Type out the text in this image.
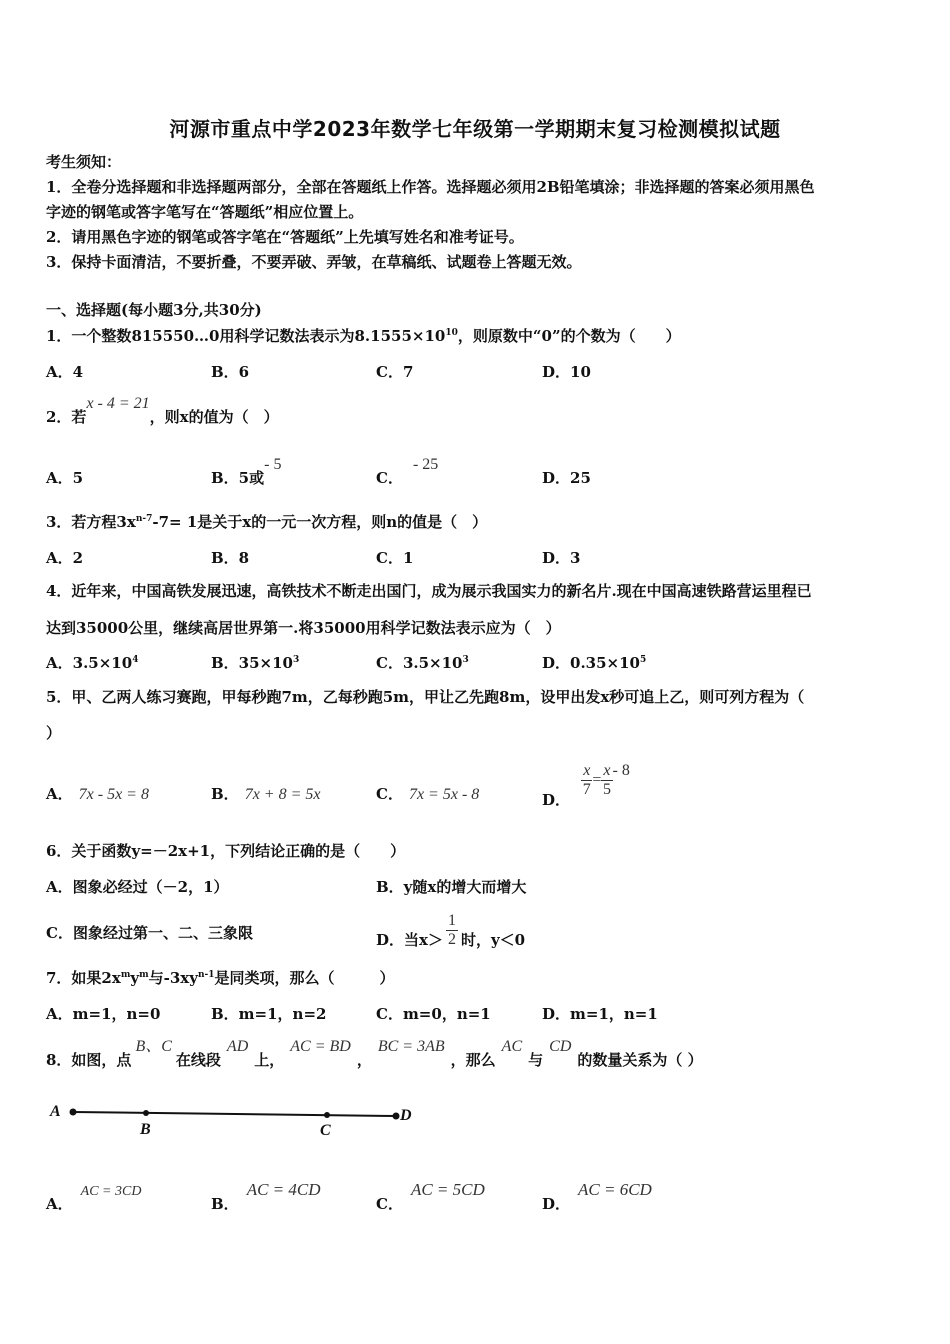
河源市重点中学2023年数学七年级第一学期期末复习检测模拟试题
考生须知：
1．全卷分选择题和非选择题两部分，全部在答题纸上作答。选择题必须用2B铅笔填涂；非选择题的答案必须用黑色
字迹的钢笔或答字笔写在“答题纸”相应位置上。
2．请用黑色字迹的钢笔或答字笔在“答题纸”上先填写姓名和准考证号。
3．保持卡面清洁，不要折叠，不要弄破、弄皱，在草稿纸、试题卷上答题无效。
一、选择题(每小题3分,共30分)
1．一个整数815550…0用科学记数法表示为$8.1555\times 10^{10}$，则原数中“0”的个数为（　　）
A．4	B．6	C．7	D．10
2．若x - 4 = 21，则x的值为（　）
A．5	B．5或- 5
C．- 25
D．25
3．若方程$3x^{n-7}-7= 1$是关于x的一元一次方程，则n的值是（　）
A．2	B．8	C．1	D．3
4．近年来，中国高铁发展迅速，高铁技术不断走出国门，成为展示我国实力的新名片.现在中国高速铁路营运里程已
达到35000公里，继续高居世界第一.将35000用科学记数法表示应为（　）
A．$3.5\times 10^4$	B．$35\times 10^3$	C．$3.5\times 10^3$	D．$0.35\times 10^5$
5．甲、乙两人练习赛跑，甲每秒跑7m，乙每秒跑5m，甲让乙先跑8m，设甲出发x秒可追上乙，则可列方程为（
）
A． 7x - 5x = 8	B． 7x + 8 = 5x	C． 7x = 5x - 8	D．
$\frac{x}{7} = \frac{x}{5} - 8$
6．关于函数y=－2x+1，下列结论正确的是（　　）
A．图象必经过（－2，1）	B．y随x的增大而增大
C．图象经过第一、二、三象限	D．当$x> \frac{1}{2}$ 时，y＜0
7．如果$2x^my^m$与$-3xy^{n-1}$是同类项，那么（　　　）
A．m=1，n=0	B．m=1，n=2	C．m=0，n=1	D．m=1，n=1
8．如图，点B、C在线段AD上，AC = BD，BC = 3AB，那么AC与CD的数量关系为（ ）
A
B	C
D
A．AC = 3CD
B．AC = 4CD
C．AC = 5CD
D．AC = 6CD
